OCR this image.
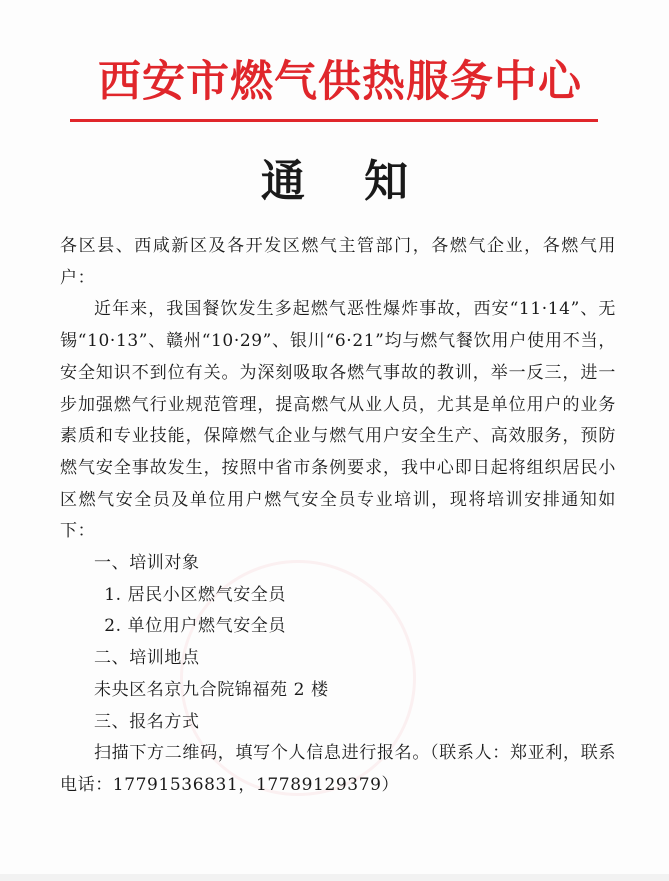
西安市燃气供热服务中心
通 知

各区县、西咸新区及各开发区燃气主管部门，各燃气企业，各燃气用户：

近年来，我国餐饮发生多起燃气恶性爆炸事故，西安“11·14”、无锡“10·13”、赣州“10·29”、银川“6·21”均与燃气餐饮用户使用不当，安全知识不到位有关。为深刻吸取各燃气事故的教训，举一反三，进一步加强燃气行业规范管理，提高燃气从业人员，尤其是单位用户的业务素质和专业技能，保障燃气企业与燃气用户安全生产、高效服务，预防燃气安全事故发生，按照中省市条例要求，我中心即日起将组织居民小区燃气安全员及单位用户燃气安全员专业培训，现将培训安排通知如下：

一、培训对象

1. 居民小区燃气安全员

2. 单位用户燃气安全员

二、培训地点

未央区名京九合院锦福苑 2 楼

三、报名方式

扫描下方二维码，填写个人信息进行报名。（联系人：郑亚利，联系电话：17791536831，17789129379）
